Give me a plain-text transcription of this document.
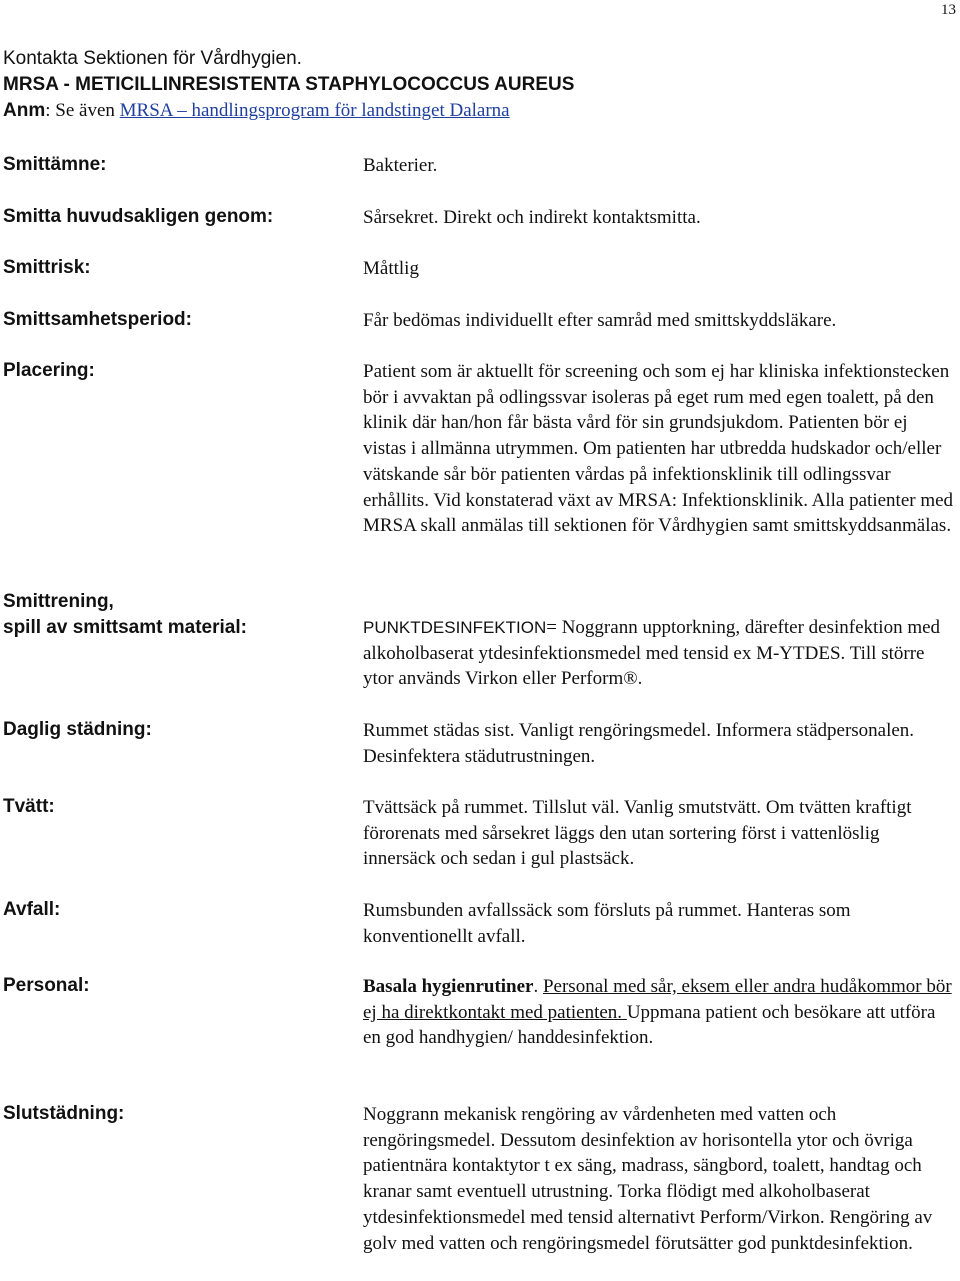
13
Kontakta Sektionen för Vårdhygien.
MRSA - METICILLINRESISTENTA STAPHYLOCOCCUS AUREUS
Anm: Se även MRSA – handlingsprogram för landstinget Dalarna
Smittämne:
Smitta huvudsakligen genom:
Smittrisk:
Smittsamhetsperiod:
Placering:
Smittrening,
spill av smittsamt material:
Daglig städning:
Tvätt:
Avfall:
Personal:
Slutstädning:
Bakterier.
Sårsekret. Direkt och indirekt kontaktsmitta.
Måttlig
Får bedömas individuellt efter samråd med smittskyddsläkare.
Patient som är aktuellt för screening och som ej har kliniska infektionstecken bör i avvaktan på odlingssvar isoleras på eget rum med egen toalett, på den klinik där han/hon får bästa vård för sin grundsjukdom. Patienten bör ej vistas i allmänna utrymmen. Om patienten har utbredda hudskador och/eller vätskande sår bör patienten vårdas på infektionsklinik till odlingssvar erhållits. Vid konstaterad växt av MRSA: Infektionsklinik. Alla patienter med MRSA skall anmälas till sektionen för Vårdhygien samt smittskyddsanmälas.
PUNKTDESINFEKTION= Noggrann upptorkning, därefter desinfektion med alkoholbaserat ytdesinfektionsmedel med tensid ex M-YTDES. Till större ytor används Virkon eller Perform®.
Rummet städas sist. Vanligt rengöringsmedel. Informera städpersonalen. Desinfektera städutrustningen.
Tvättsäck på rummet. Tillslut väl. Vanlig smutstvätt. Om tvätten kraftigt förorenats med sårsekret läggs den utan sortering först i vattenlöslig innersäck och sedan i gul plastsäck.
Rumsbunden avfallssäck som försluts på rummet. Hanteras som konventionellt avfall.
Basala hygienrutiner. Personal med sår, eksem eller andra hudåkommor bör ej ha direktkontakt med patienten. Uppmana patient och besökare att utföra en god handhygien/ handdesinfektion.
Noggrann mekanisk rengöring av vårdenheten med vatten och rengöringsmedel. Dessutom desinfektion av horisontella ytor och övriga patientnära kontaktytor t ex säng, madrass, sängbord, toalett, handtag och kranar samt eventuell utrustning. Torka flödigt med alkoholbaserat ytdesinfektionsmedel med tensid alternativt Perform/Virkon. Rengöring av golv med vatten och rengöringsmedel förutsätter god punktdesinfektion.
